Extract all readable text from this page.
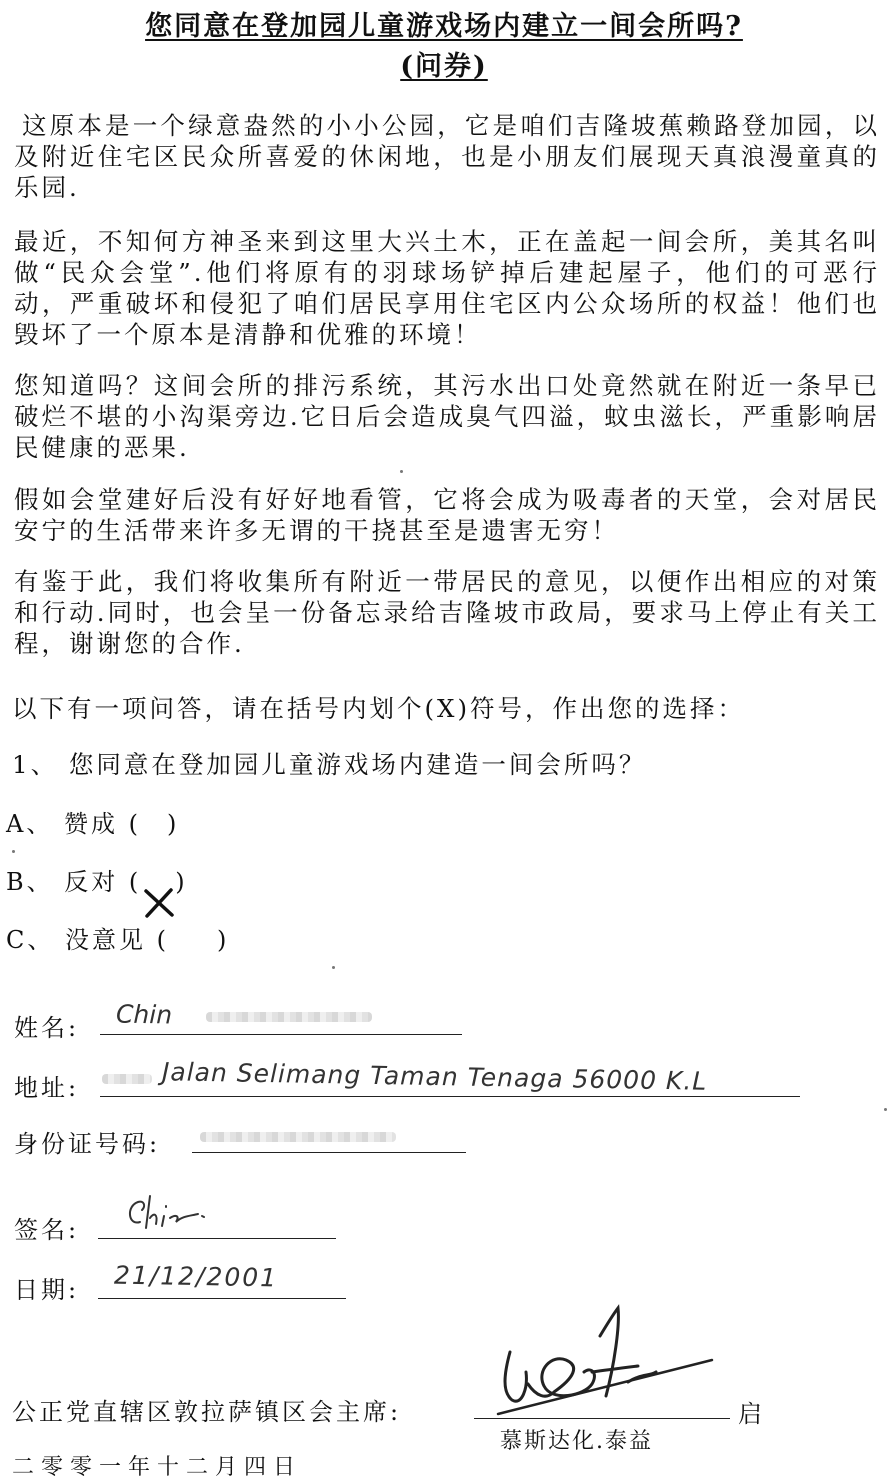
您同意在登加园儿童游戏场内建立一间会所吗?
(问券)

这原本是一个绿意盎然的小小公园，它是咱们吉隆坡蕉赖路登加园，以及附近住宅区民众所喜爱的休闲地，也是小朋友们展现天真浪漫童真的乐园.

最近，不知何方神圣来到这里大兴土木，正在盖起一间会所，美其名叫做“民众会堂”.他们将原有的羽球场铲掉后建起屋子，他们的可恶行动，严重破坏和侵犯了咱们居民享用住宅区内公众场所的权益！他们也毁坏了一个原本是清静和优雅的环境！

您知道吗？这间会所的排污系统，其污水出口处竟然就在附近一条早已破烂不堪的小沟渠旁边.它日后会造成臭气四溢，蚊虫滋长，严重影响居民健康的恶果.

假如会堂建好后没有好好地看管，它将会成为吸毒者的天堂，会对居民安宁的生活带来许多无谓的干挠甚至是遗害无穷！

有鉴于此，我们将收集所有附近一带居民的意见，以便作出相应的对策和行动.同时，也会呈一份备忘录给吉隆坡市政局，要求马上停止有关工程，谢谢您的合作.

以下有一项问答，请在括号内划个(X)符号，作出您的选择：
1、 您同意在登加园儿童游戏场内建造一间会所吗？
A、 赞成 ( )
B、 反对 ( )
C、 没意见 ( )
姓名: Chin
地址:	Jalan Selimang Taman Tenaga 56000 K.L
身份证号码:
签名:
日期: 21/12/2001
公正党直辖区敦拉萨镇区会主席:	启
慕斯达化.泰益
二零零一年十二月四日
